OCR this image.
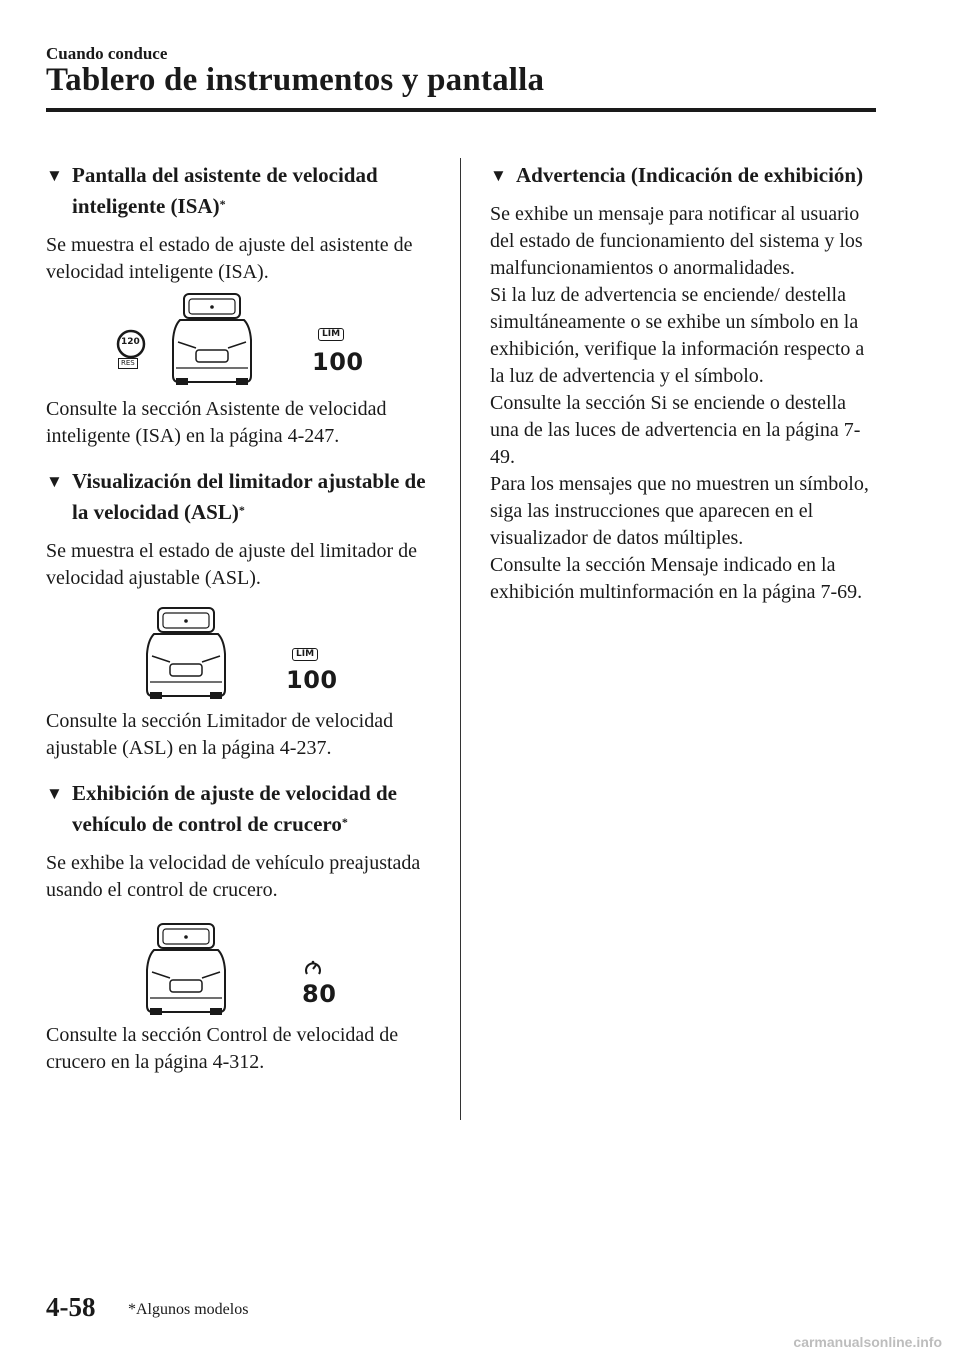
Cuando conduce
Tablero de instrumentos y pantalla
▼ Pantalla del asistente de velocidad inteligente (ISA)*

Se muestra el estado de ajuste del asistente de velocidad inteligente (ISA).

120
RES
LIM
100

Consulte la sección Asistente de velocidad inteligente (ISA) en la página 4-247.

▼ Visualización del limitador ajustable de la velocidad (ASL)*

Se muestra el estado de ajuste del limitador de velocidad ajustable (ASL).

LIM
100

Consulte la sección Limitador de velocidad ajustable (ASL) en la página 4-237.

▼ Exhibición de ajuste de velocidad de vehículo de control de crucero*

Se exhibe la velocidad de vehículo preajustada usando el control de crucero.

80

Consulte la sección Control de velocidad de crucero en la página 4-312.

▼ Advertencia (Indicación de exhibición)

Se exhibe un mensaje para notificar al usuario del estado de funcionamiento del sistema y los malfuncionamientos o anormalidades.

Si la luz de advertencia se enciende/ destella simultáneamente o se exhibe un símbolo en la exhibición, verifique la información respecto a la luz de advertencia y el símbolo.

Consulte la sección Si se enciende o destella una de las luces de advertencia en la página 7-49.

Para los mensajes que no muestren un símbolo, siga las instrucciones que aparecen en el visualizador de datos múltiples.

Consulte la sección Mensaje indicado en la exhibición multinformación en la página 7-69.

4-58 *Algunos modelos
carmanualsonline.info
